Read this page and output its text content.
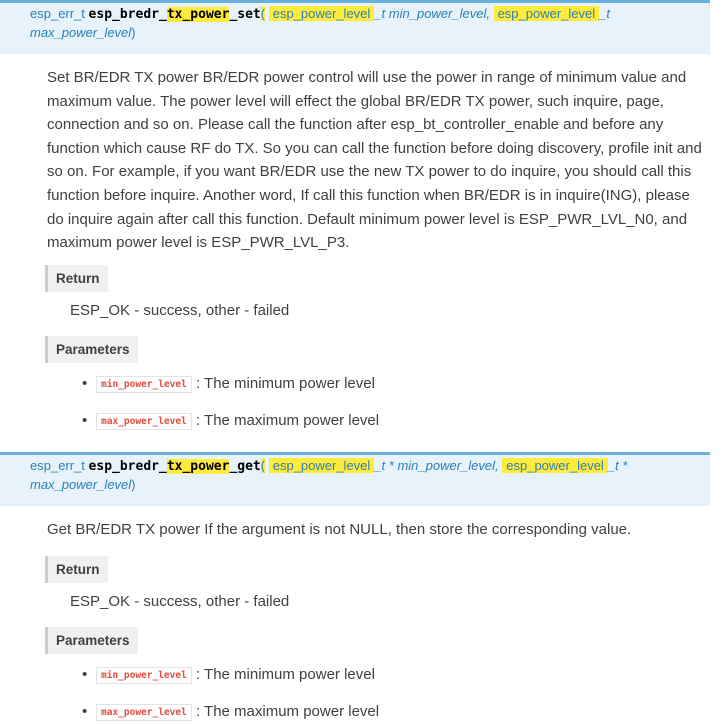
esp_err_t esp_bredr_tx_power_set( esp_power_level _t min_power_level, esp_power_level _t
max_power_level)
Set BR/EDR TX power BR/EDR power control will use the power in range of minimum value and maximum value. The power level will effect the global BR/EDR TX power, such inquire, page, connection and so on. Please call the function after esp_bt_controller_enable and before any function which cause RF do TX. So you can call the function before doing discovery, profile init and so on. For example, if you want BR/EDR use the new TX power to do inquire, you should call this function before inquire. Another word, If call this function when BR/EDR is in inquire(ING), please do inquire again after call this function. Default minimum power level is ESP_PWR_LVL_N0, and maximum power level is ESP_PWR_LVL_P3.
Return
ESP_OK - success, other - failed
Parameters
• min_power_level : The minimum power level
• max_power_level : The maximum power level
esp_err_t esp_bredr_tx_power_get( esp_power_level _t * min_power_level, esp_power_level _t *
max_power_level)
Get BR/EDR TX power If the argument is not NULL, then store the corresponding value.
Return
ESP_OK - success, other - failed
Parameters
• min_power_level : The minimum power level
• max_power_level : The maximum power level
